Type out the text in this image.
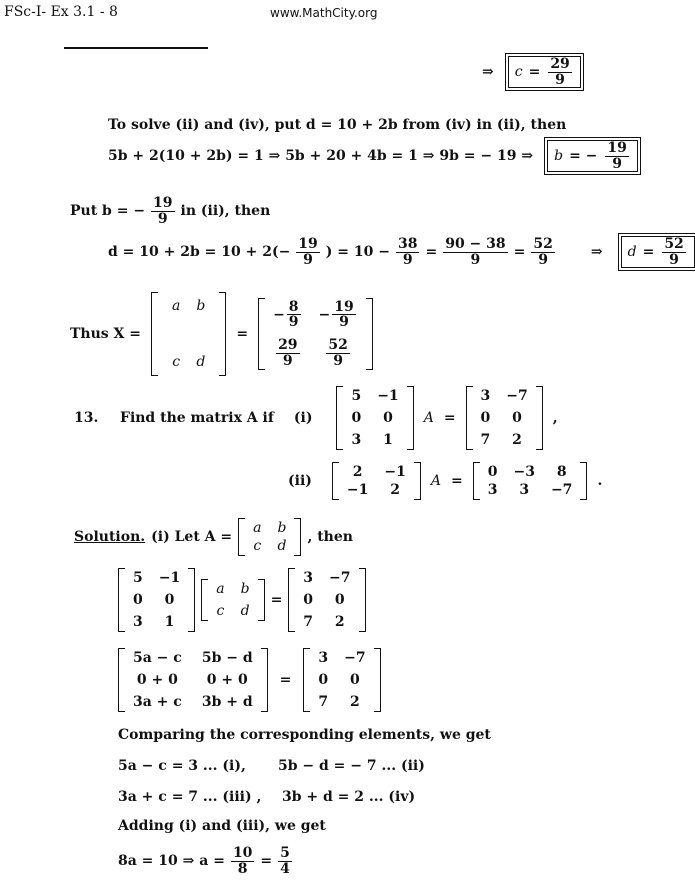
FSc-I- Ex 3.1 - 8	www.MathCity.org
⇒ $c = \frac{29}{9}$
To solve (ii) and (iv), put d = 10 + 2b from (iv) in (ii), then
5b + 2(10 + 2b) = 1 ⇒ 5b + 20 + 4b = 1 ⇒ 9b = − 19 ⇒ b = − $\frac{19}{9}$
Put b = − $\frac{19}{9}$ in (ii), then
$d = 10 + 2b = 10 + 2(- \frac{19}{9}$ ) = $10 - \frac{38}{9} = \frac{90 - 38}{9} = \frac{52}{9}$	⇒ $d = \frac{52}{9}$
Thus X =
a b
c d
=
− $\frac{8}{9} - \frac{19}{9}$
$\frac{29}{9} \frac{52}{9}$
13.	Find the matrix A if (i)
5 −1
0 0
3 1
A =
3 −7
0 0
7 2
,
(ii)
2 −1
−1 2
A =
0 −3 8
3 3 −7
.
Solution. (i) Let A =
a b
c d
, then
5 −1
0 0
3 1
a b
c d
=
3 −7
0 0
7 2
5a − c 5b − d
0 + 0 0 + 0
3a + c 3b + d
=
3 −7
0 0
7 2
Comparing the corresponding elements, we get
5a − c = 3 ... (i), 5b − d = − 7 ... (ii)
3a + c = 7 ... (iii) , 3b + d = 2 ... (iv)
Adding (i) and (iii), we get
8a = 10 ⇒ $a = \frac{10}{8} = \frac{5}{4}$
